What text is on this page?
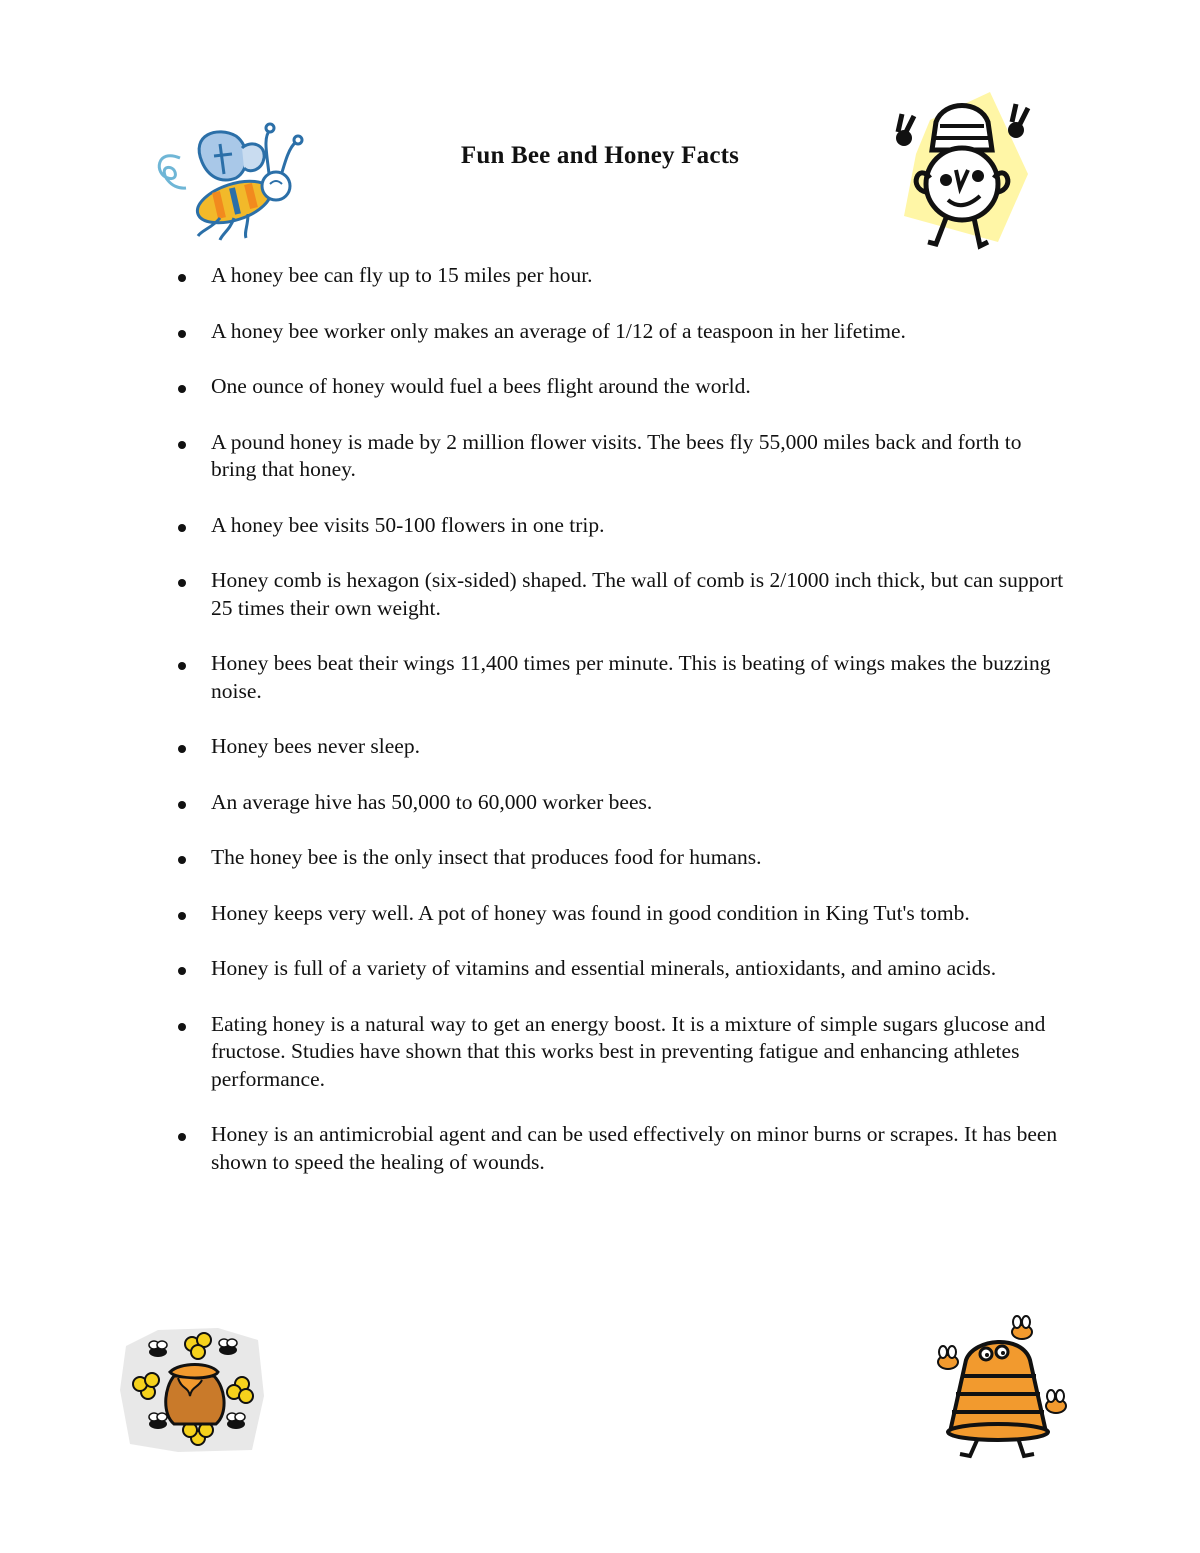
Fun Bee and Honey Facts
A honey bee can fly up to 15 miles per hour.
A honey bee worker only makes an average of 1/12 of a teaspoon in her lifetime.
One ounce of honey would fuel a bees flight around the world.
A pound honey is made by 2 million flower visits. The bees fly 55,000 miles back and forth to bring that honey.
A honey bee visits 50-100 flowers in one trip.
Honey comb is hexagon (six-sided) shaped. The wall of comb is 2/1000 inch thick, but can support 25 times their own weight.
Honey bees beat their wings 11,400 times per minute. This is beating of wings makes the buzzing noise.
Honey bees never sleep.
An average hive has 50,000 to 60,000 worker bees.
The honey bee is the only insect that produces food for humans.
Honey keeps very well. A pot of honey was found in good condition in King Tut's tomb.
Honey is full of a variety of vitamins and essential minerals, antioxidants, and amino acids.
Eating honey is a natural way to get an energy boost. It is a mixture of simple sugars glucose and fructose. Studies have shown that this works best in preventing fatigue and enhancing athletes performance.
Honey is an antimicrobial agent and can be used effectively on minor burns or scrapes. It has been shown to speed the healing of wounds.
